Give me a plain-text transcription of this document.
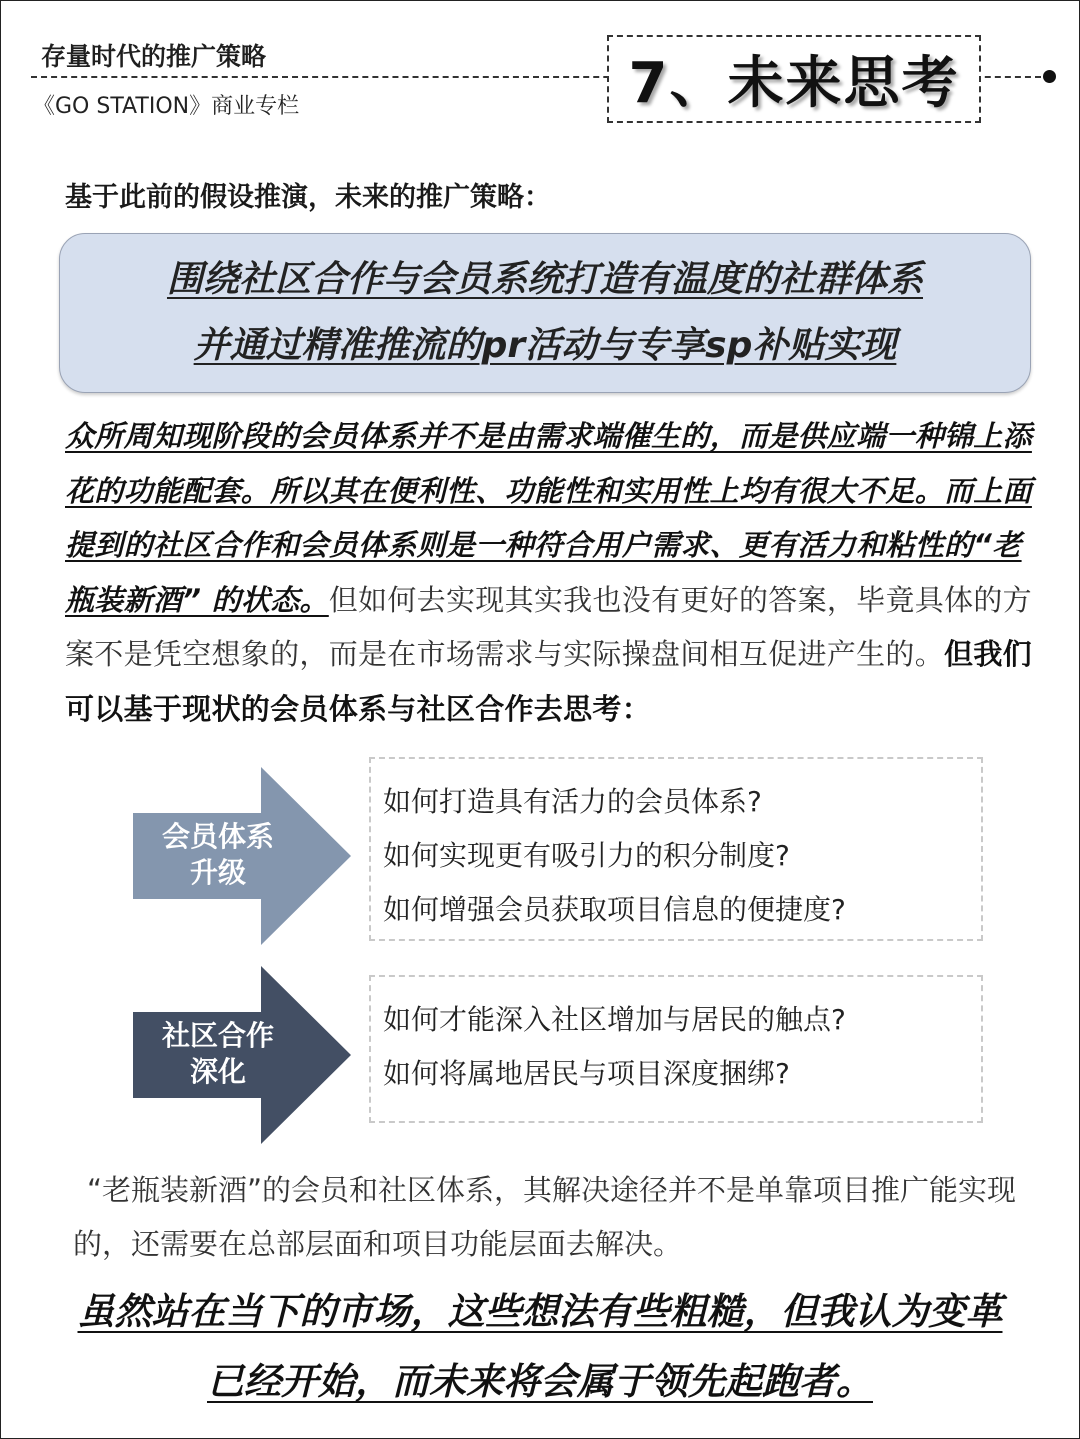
存量时代的推广策略
《GO STATION》商业专栏	7、未来思考
基于此前的假设推演，未来的推广策略：
围绕社区合作与会员系统打造有温度的社群体系
并通过精准推流的pr活动与专享sp补贴实现
众所周知现阶段的会员体系并不是由需求端催生的，而是供应端一种锦上添花的功能配套。所以其在便利性、功能性和实用性上均有很大不足。而上面提到的社区合作和会员体系则是一种符合用户需求、更有活力和粘性的“老瓶装新酒” 的状态。但如何去实现其实我也没有更好的答案，毕竟具体的方案不是凭空想象的，而是在市场需求与实际操盘间相互促进产生的。但我们可以基于现状的会员体系与社区合作去思考：
会员体系
升级
如何打造具有活力的会员体系?
如何实现更有吸引力的积分制度?
如何增强会员获取项目信息的便捷度?
社区合作
深化
如何才能深入社区增加与居民的触点?
如何将属地居民与项目深度捆绑?
“老瓶装新酒”的会员和社区体系，其解决途径并不是单靠项目推广能实现的，还需要在总部层面和项目功能层面去解决。
虽然站在当下的市场，这些想法有些粗糙，但我认为变革
已经开始，而未来将会属于领先起跑者。
